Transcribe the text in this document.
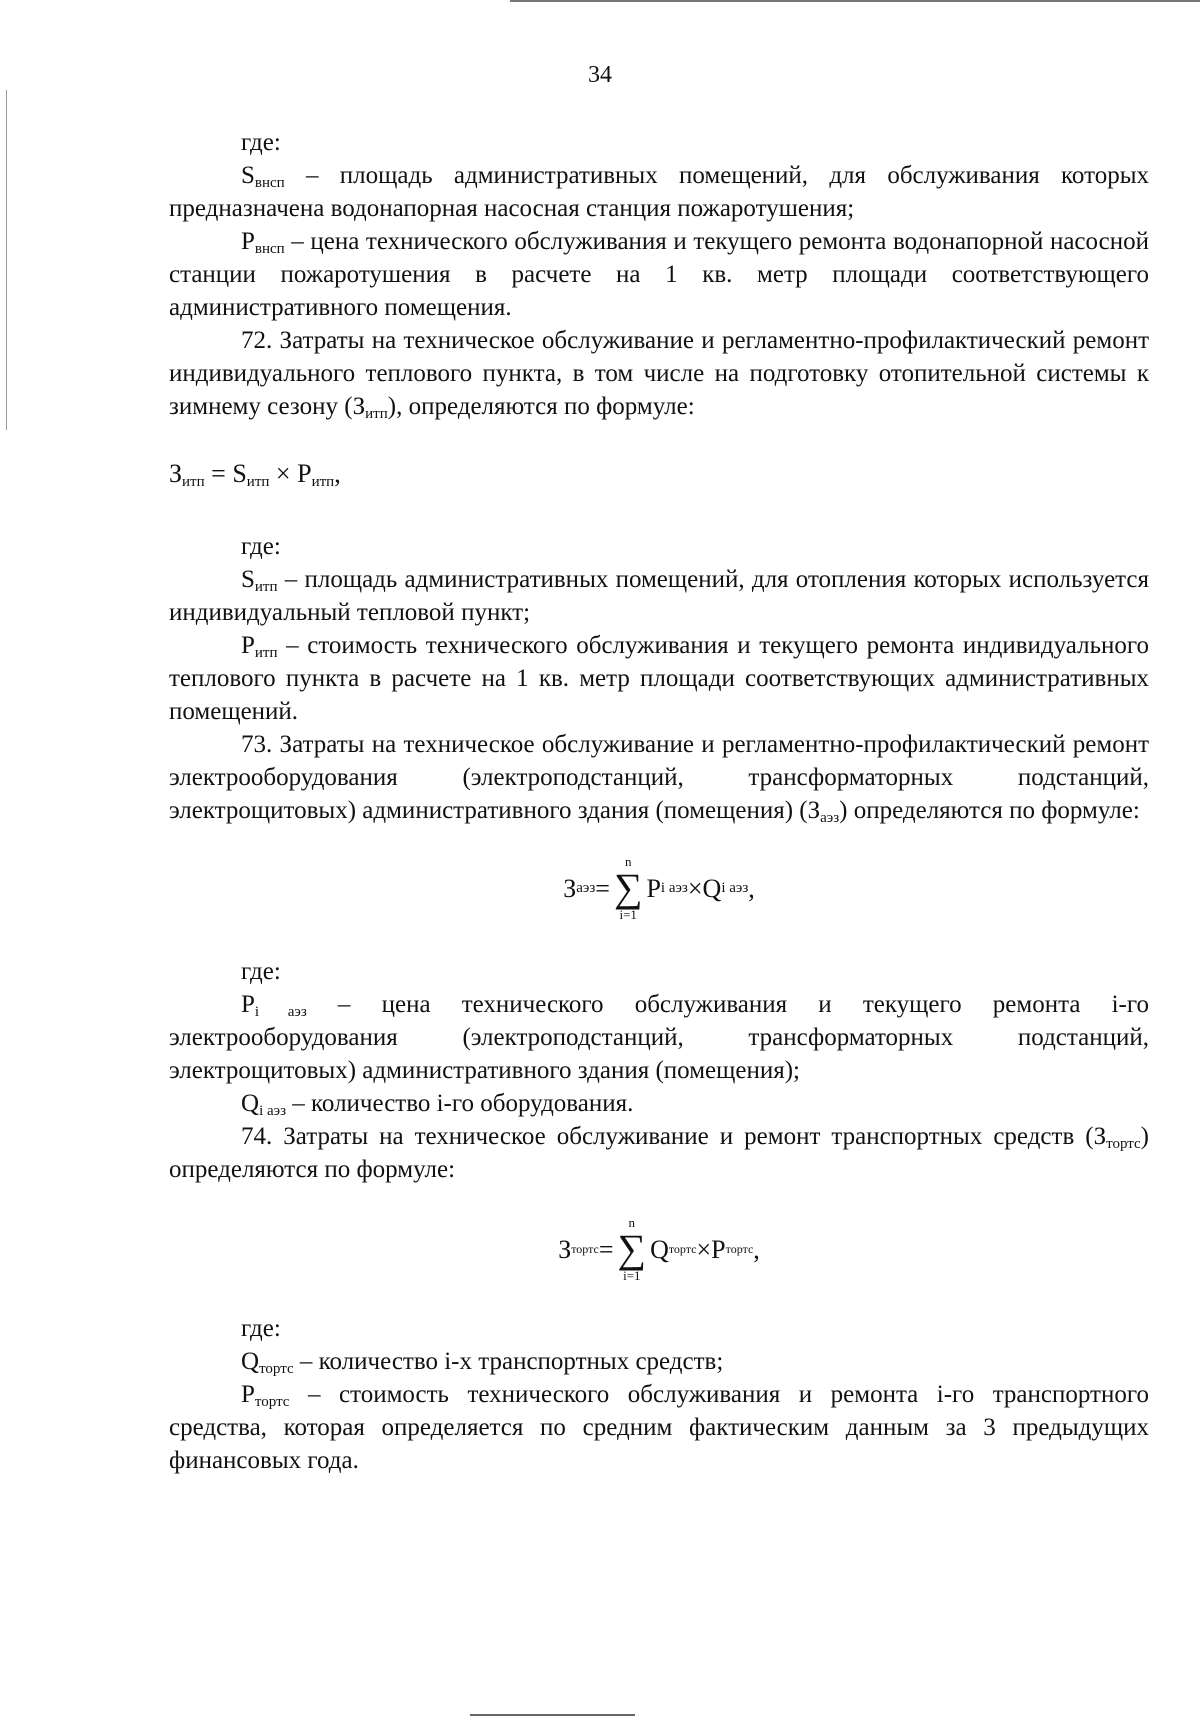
34

где:

$S_{внсп}$ – площадь административных помещений, для обслуживания которых предназначена водонапорная насосная станция пожаротушения;

$P_{внсп}$ – цена технического обслуживания и текущего ремонта водонапорной насосной станции пожаротушения в расчете на 1 кв. метр площади соответствующего административного помещения.

72. Затраты на техническое обслуживание и регламентно-профилактический ремонт индивидуального теплового пункта, в том числе на подготовку отопительной системы к зимнему сезону $(З_{итп})$, определяются по формуле:

$З_{итп} = S_{итп} \times P_{итп}$,

где:

$S_{итп}$ – площадь административных помещений, для отопления которых используется индивидуальный тепловой пункт;

$P_{итп}$ – стоимость технического обслуживания и текущего ремонта индивидуального теплового пункта в расчете на 1 кв. метр площади соответствующих административных помещений.

73. Затраты на техническое обслуживание и регламентно-профилактический ремонт электрооборудования (электроподстанций, трансформаторных подстанций, электрощитовых) административного здания (помещения) $(З_{аэз})$ определяются по формуле:

З аэз =
n
∑
i=1
P i аэз × Q i аэз ,

где:

$P_{i аэз}$ – цена технического обслуживания и текущего ремонта i-го электрооборудования (электроподстанций, трансформаторных подстанций, электрощитовых) административного здания (помещения);

$Q_{i аэз}$ – количество i-го оборудования.

74. Затраты на техническое обслуживание и ремонт транспортных средств $(З_{тортс})$ определяются по формуле:

З тортс =
n
∑
i=1
Q тортс × P тортс ,

где:

$Q_{тортс}$ – количество i-х транспортных средств;

$P_{тортс}$ – стоимость технического обслуживания и ремонта i-го транспортного средства, которая определяется по средним фактическим данным за 3 предыдущих финансовых года.
